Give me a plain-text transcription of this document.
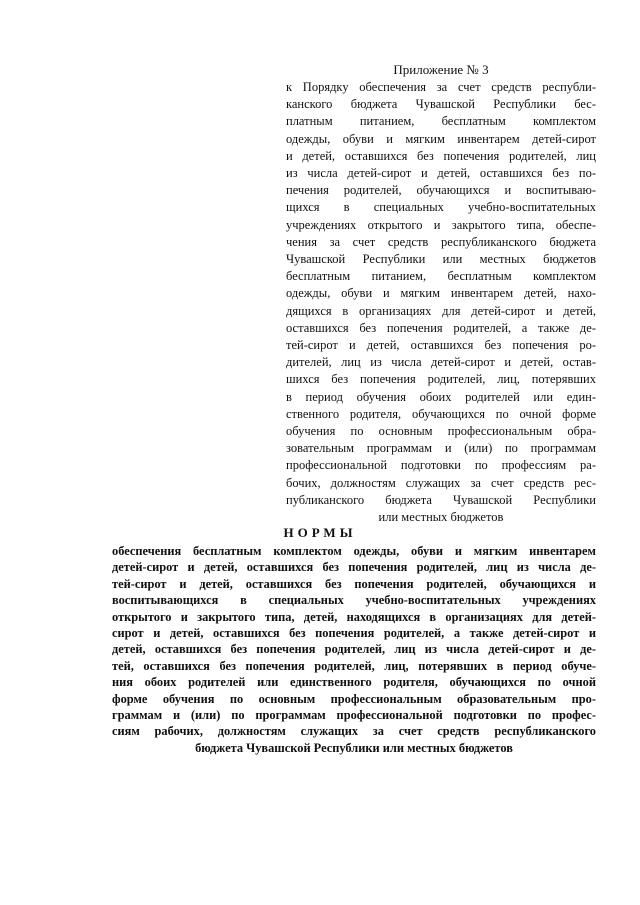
Приложение № 3
к Порядку обеспечения за счет средств республи-
канского бюджета Чувашской Республики бес-
платным питанием, бесплатным комплектом
одежды, обуви и мягким инвентарем детей-сирот
и детей, оставшихся без попечения родителей, лиц
из числа детей-сирот и детей, оставшихся без по-
печения родителей, обучающихся и воспитываю-
щихся в специальных учебно-воспитательных
учреждениях открытого и закрытого типа, обеспе-
чения за счет средств республиканского бюджета
Чувашской Республики или местных бюджетов
бесплатным питанием, бесплатным комплектом
одежды, обуви и мягким инвентарем детей, нахо-
дящихся в организациях для детей-сирот и детей,
оставшихся без попечения родителей, а также де-
тей-сирот и детей, оставшихся без попечения ро-
дителей, лиц из числа детей-сирот и детей, остав-
шихся без попечения родителей, лиц, потерявших
в период обучения обоих родителей или един-
ственного родителя, обучающихся по очной форме
обучения по основным профессиональным обра-
зовательным программам и (или) по программам
профессиональной подготовки по профессиям ра-
бочих, должностям служащих за счет средств рес-
публиканского бюджета Чувашской Республики
или местных бюджетов
НОРМЫ
обеспечения бесплатным комплектом одежды, обуви и мягким инвентарем
детей-сирот и детей, оставшихся без попечения родителей, лиц из числа де-
тей-сирот и детей, оставшихся без попечения родителей, обучающихся и
воспитывающихся в специальных учебно-воспитательных учреждениях
открытого и закрытого типа, детей, находящихся в организациях для детей-
сирот и детей, оставшихся без попечения родителей, а также детей-сирот и
детей, оставшихся без попечения родителей, лиц из числа детей-сирот и де-
тей, оставшихся без попечения родителей, лиц, потерявших в период обуче-
ния обоих родителей или единственного родителя, обучающихся по очной
форме обучения по основным профессиональным образовательным про-
граммам и (или) по программам профессиональной подготовки по профес-
сиям рабочих, должностям служащих за счет средств республиканского
бюджета Чувашской Республики или местных бюджетов
